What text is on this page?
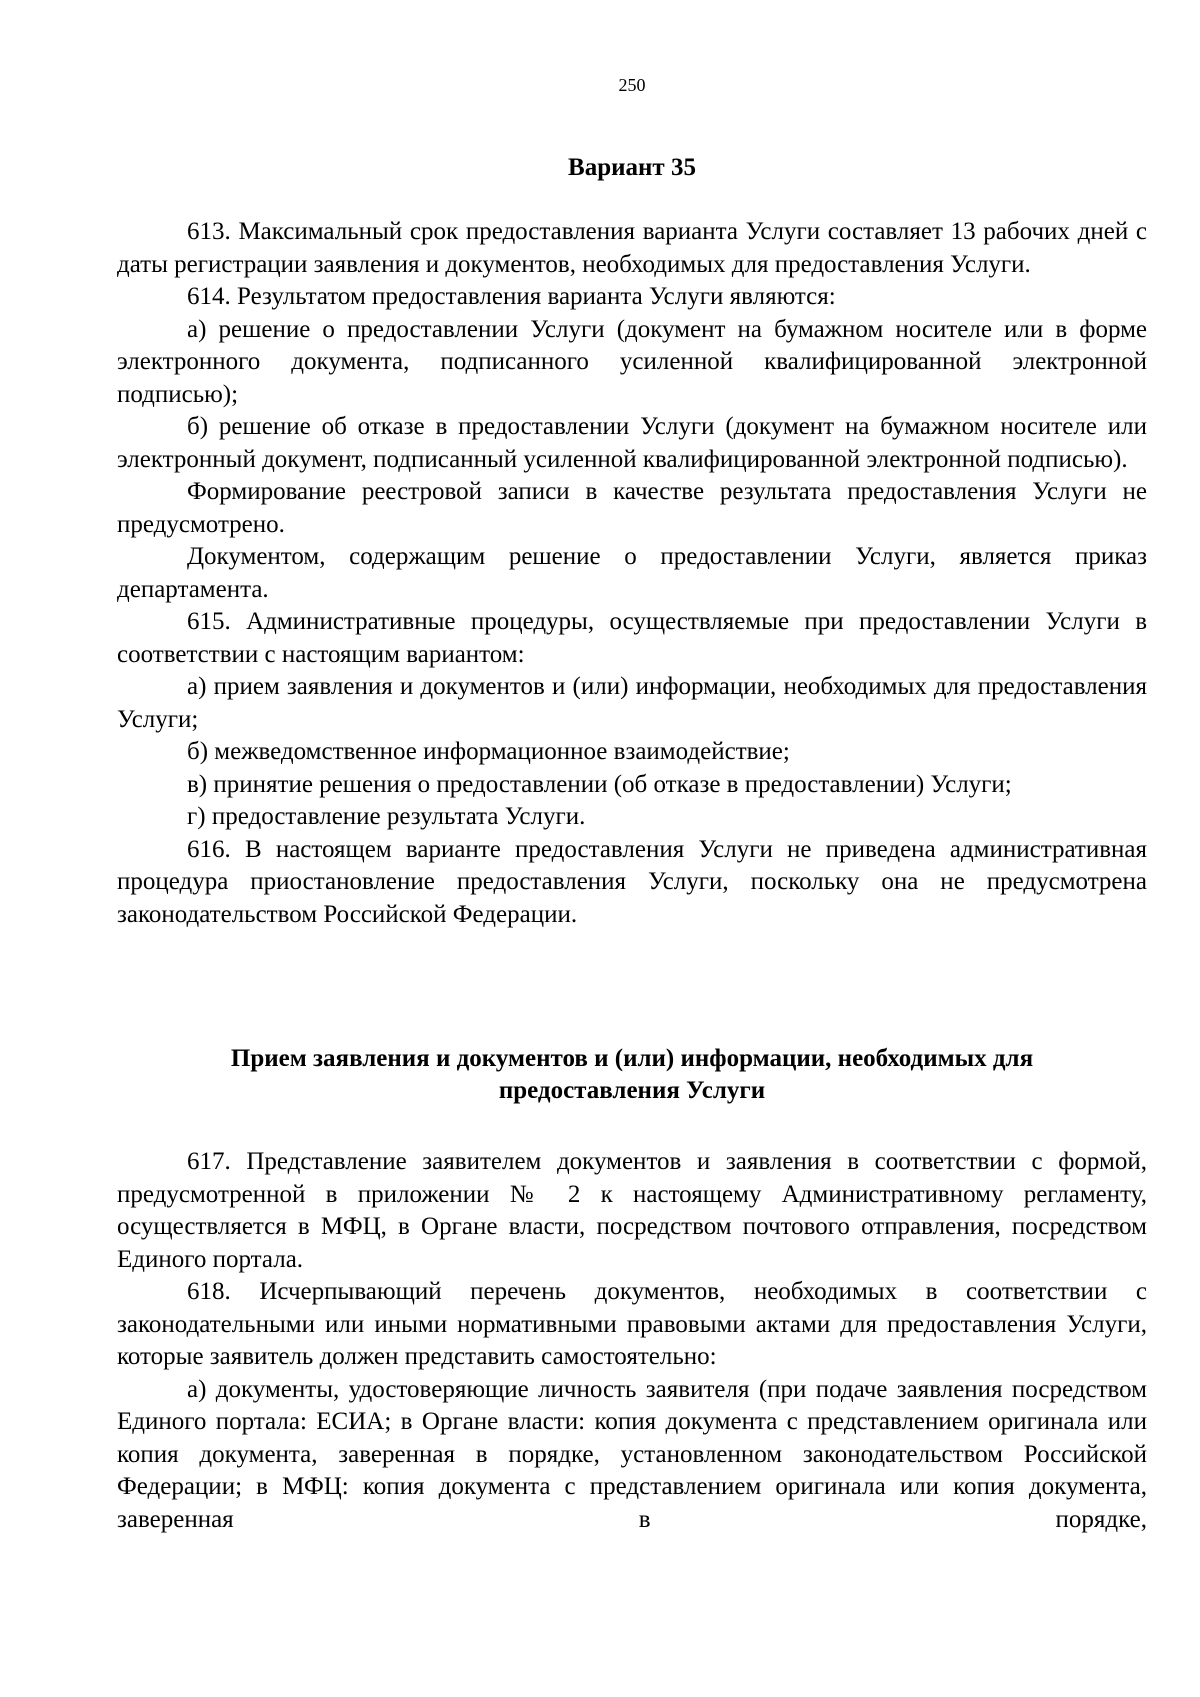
250
Вариант 35

613. Максимальный срок предоставления варианта Услуги составляет 13 рабочих дней с даты регистрации заявления и документов, необходимых для предоставления Услуги.

614. Результатом предоставления варианта Услуги являются:

а) решение о предоставлении Услуги (документ на бумажном носителе или в форме электронного документа, подписанного усиленной квалифицированной электронной подписью);

б) решение об отказе в предоставлении Услуги (документ на бумажном носителе или электронный документ, подписанный усиленной квалифицированной электронной подписью).

Формирование реестровой записи в качестве результата предоставления Услуги не предусмотрено.

Документом, содержащим решение о предоставлении Услуги, является приказ департамента.

615. Административные процедуры, осуществляемые при предоставлении Услуги в соответствии с настоящим вариантом:

а) прием заявления и документов и (или) информации, необходимых для предоставления Услуги;

б) межведомственное информационное взаимодействие;

в) принятие решения о предоставлении (об отказе в предоставлении) Услуги;

г) предоставление результата Услуги.

616. В настоящем варианте предоставления Услуги не приведена административная процедура приостановление предоставления Услуги, поскольку она не предусмотрена законодательством Российской Федерации.

Прием заявления и документов и (или) информации, необходимых для
предоставления Услуги

617. Представление заявителем документов и заявления в соответствии с формой, предусмотренной в приложении № 2 к настоящему Административному регламенту, осуществляется в МФЦ, в Органе власти, посредством почтового отправления, посредством Единого портала.

618. Исчерпывающий перечень документов, необходимых в соответствии с законодательными или иными нормативными правовыми актами для предоставления Услуги, которые заявитель должен представить самостоятельно:

а) документы, удостоверяющие личность заявителя (при подаче заявления посредством Единого портала: ЕСИА; в Органе власти: копия документа с представлением оригинала или копия документа, заверенная в порядке, установленном законодательством Российской Федерации; в МФЦ: копия документа с представлением оригинала или копия документа, заверенная в порядке,
